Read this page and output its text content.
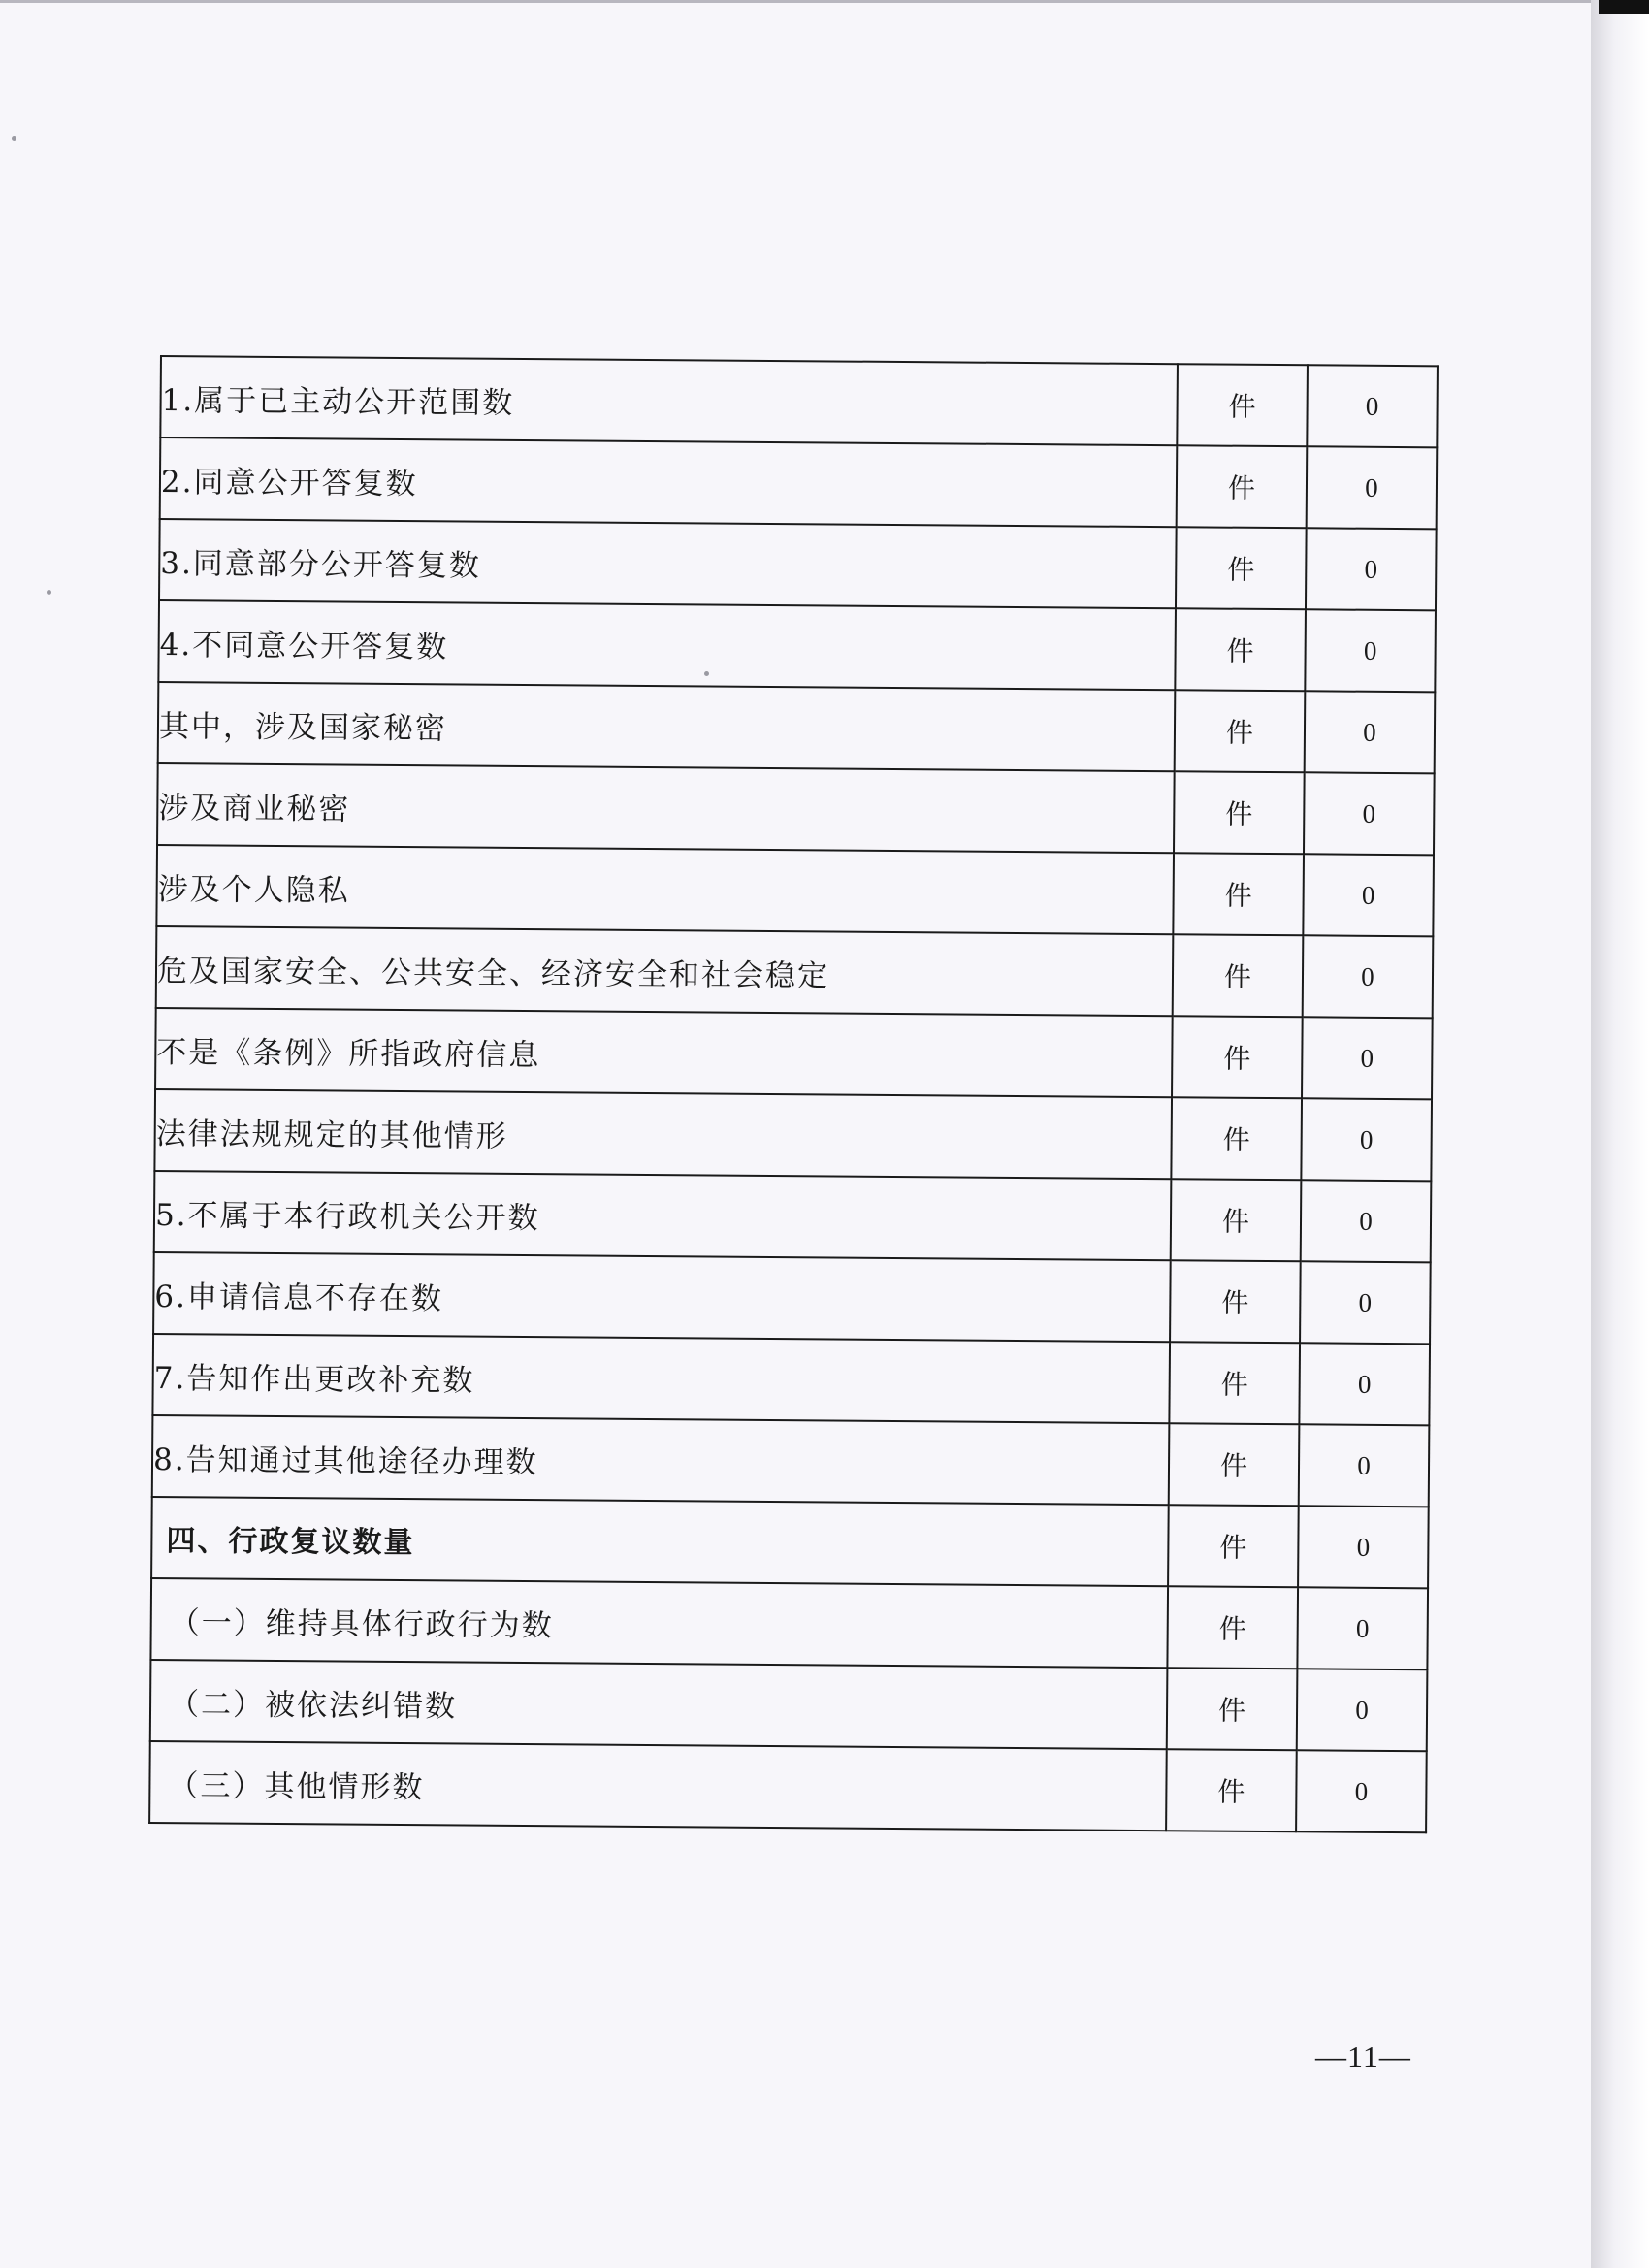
1.属于已主动公开范围数	件	0
2.同意公开答复数	件	0
3.同意部分公开答复数	件	0
4.不同意公开答复数	件	0
其中，涉及国家秘密	件	0
涉及商业秘密	件	0
涉及个人隐私	件	0
危及国家安全、公共安全、经济安全和社会稳定	件	0
不是《条例》所指政府信息	件	0
法律法规规定的其他情形	件	0
5.不属于本行政机关公开数	件	0
6.申请信息不存在数	件	0
7.告知作出更改补充数	件	0
8.告知通过其他途径办理数	件	0
四、行政复议数量	件	0
（一）维持具体行政行为数	件	0
（二）被依法纠错数	件	0
（三）其他情形数	件	0
—11—
